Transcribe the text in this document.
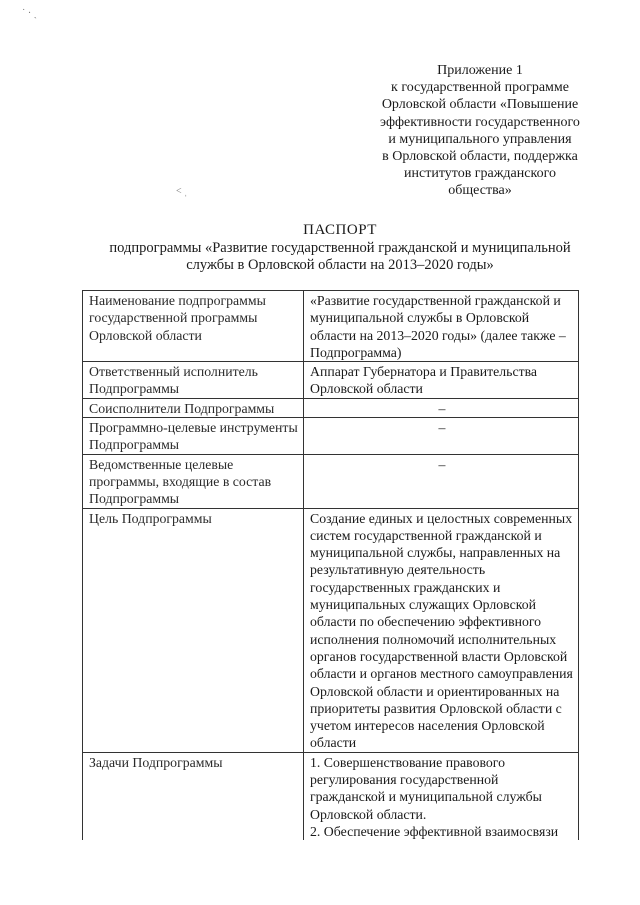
˙ · ˎ
˂ ˌ
Приложение 1
к государственной программе
Орловской области «Повышение
эффективности государственного
и муниципального управления
в Орловской области, поддержка
институтов гражданского
общества»
ПАСПОРТ
подпрограммы «Развитие государственной гражданской и муниципальной
службы в Орловской области на 2013–2020 годы»
Наименование подпрограммы государственной программы Орловской области	«Развитие государственной гражданской и муниципальной службы в Орловской области на 2013–2020 годы» (далее также – Подпрограмма)
Ответственный исполнитель Подпрограммы	Аппарат Губернатора и Правительства Орловской области
Соисполнители Подпрограммы	–
Программно-целевые инструменты Подпрограммы	–
Ведомственные целевые программы, входящие в состав Подпрограммы	–
Цель Подпрограммы	Создание единых и целостных современных систем государственной гражданской и муниципальной службы, направленных на результативную деятельность государственных гражданских и муниципальных служащих Орловской области по обеспечению эффективного исполнения полномочий исполнительных органов государственной власти Орловской области и органов местного самоуправления Орловской области и ориентированных на приоритеты развития Орловской области с учетом интересов населения Орловской области
Задачи Подпрограммы	1. Совершенствование правового регулирования государственной гражданской и муниципальной службы Орловской области.
2. Обеспечение эффективной взаимосвязи
